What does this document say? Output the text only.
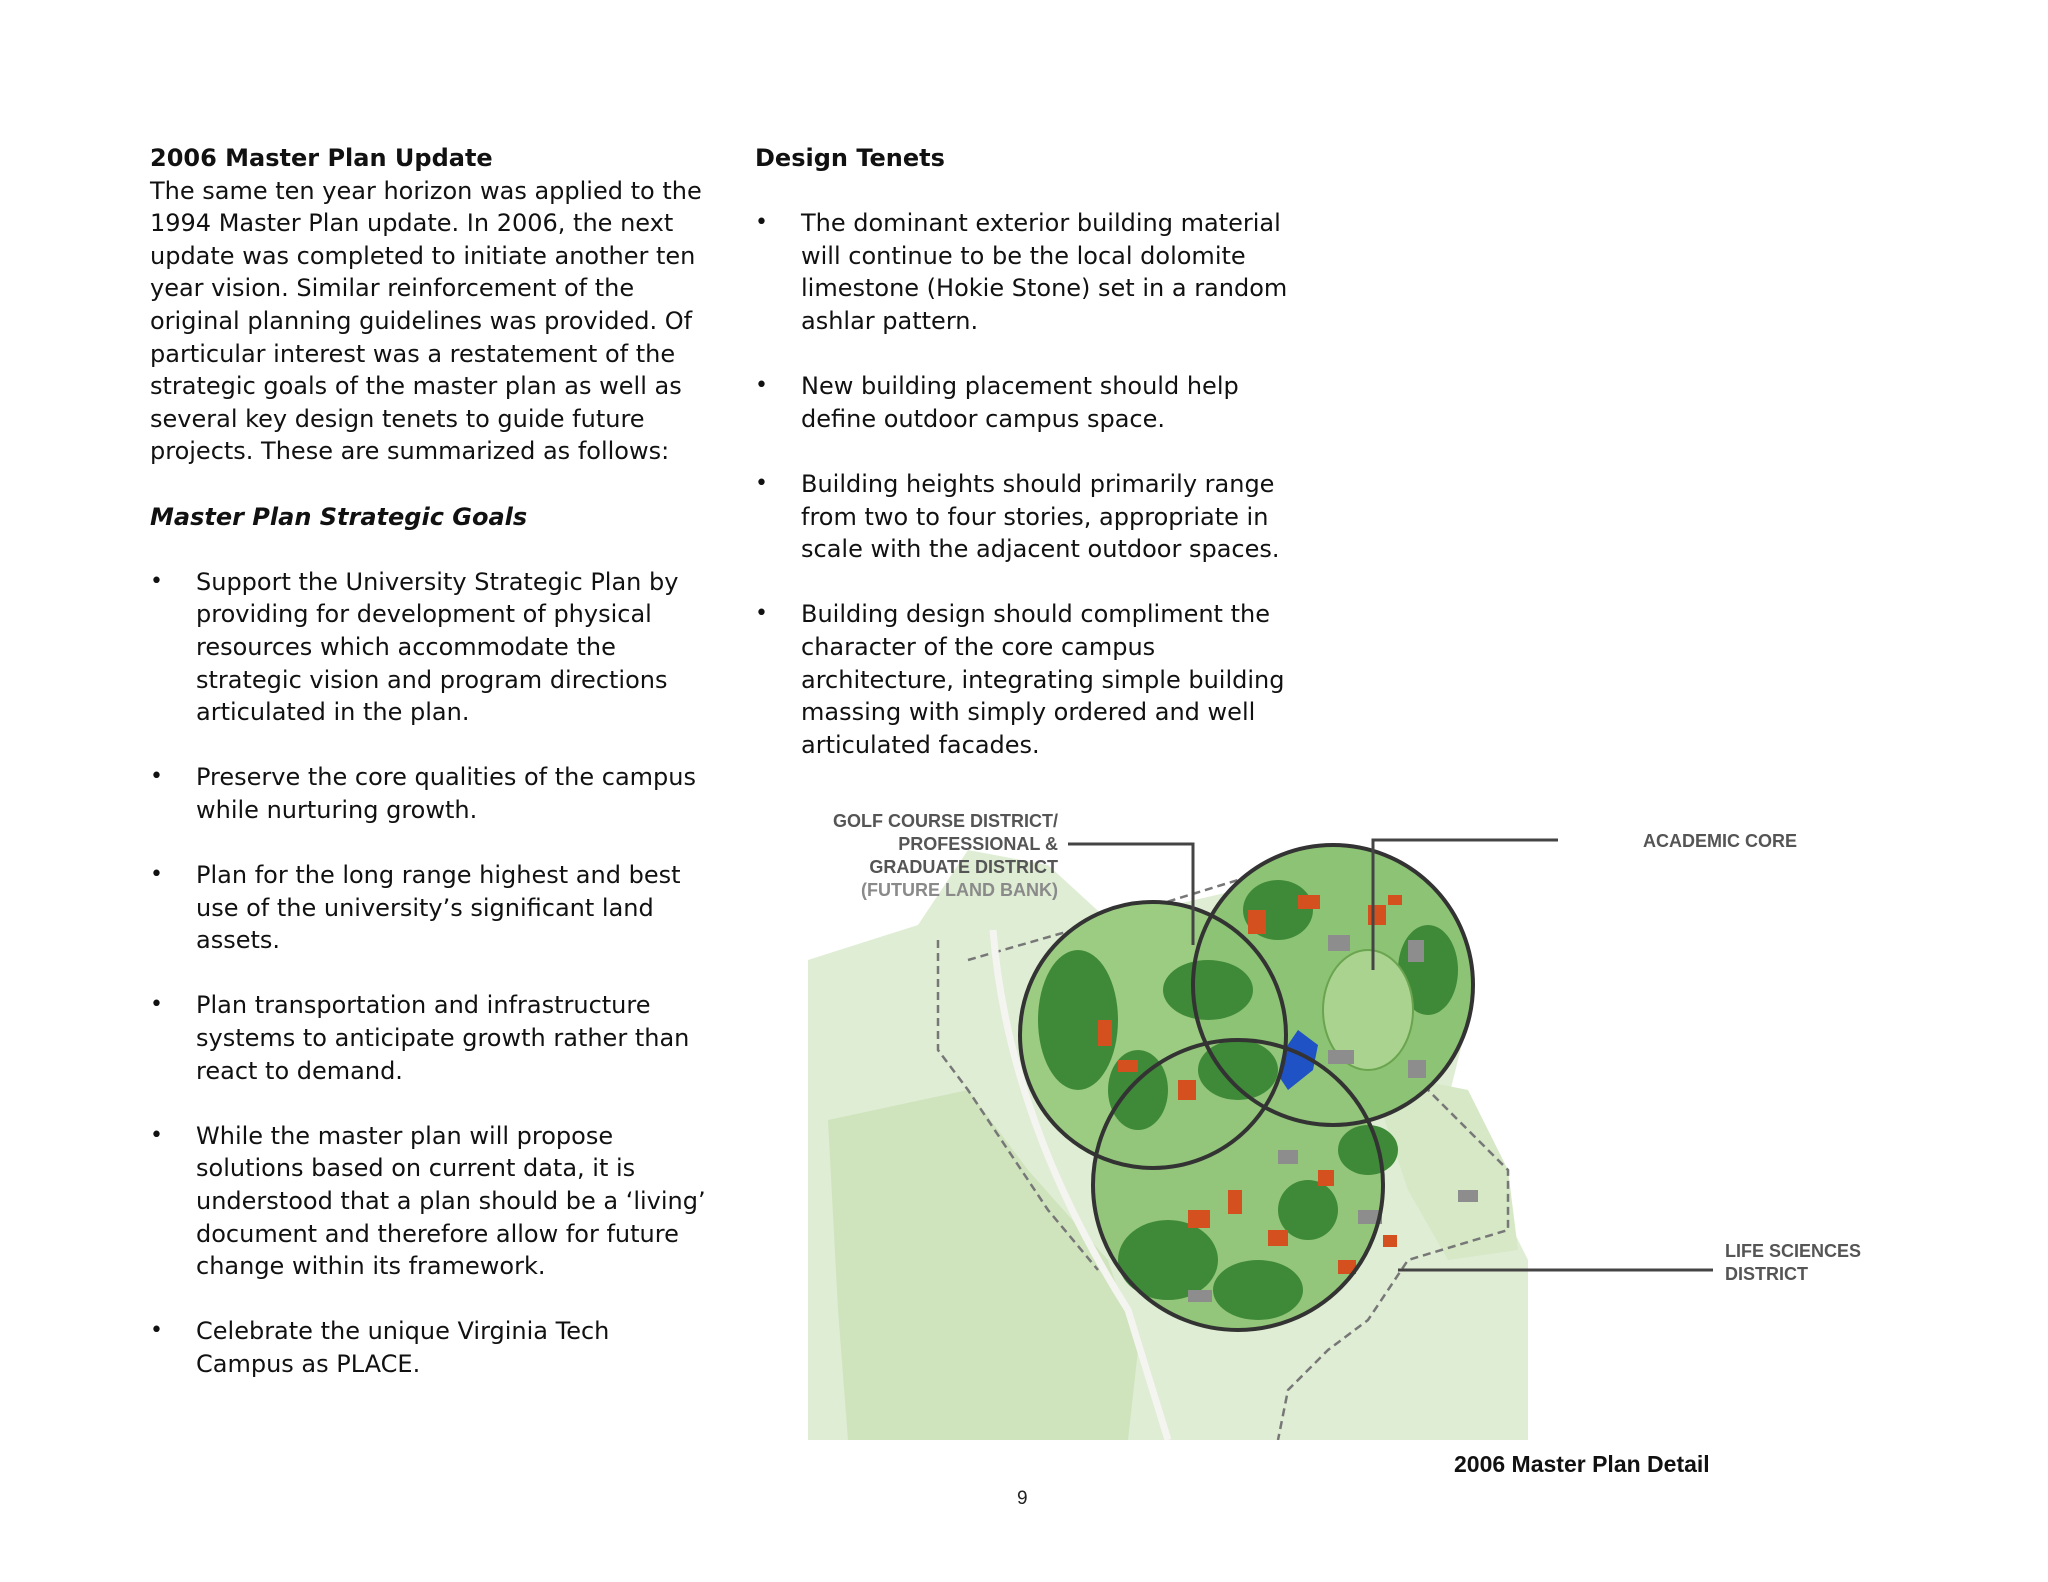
2006 Master Plan Update

The same ten year horizon was applied to the
1994 Master Plan update. In 2006, the next
update was completed to initiate another ten
year vision. Similar reinforcement of the
original planning guidelines was provided. Of
particular interest was a restatement of the
strategic goals of the master plan as well as
several key design tenets to guide future
projects. These are summarized as follows:

Master Plan Strategic Goals

• Support the University Strategic Plan by
providing for development of physical
resources which accommodate the
strategic vision and program directions
articulated in the plan.
• Preserve the core qualities of the campus
while nurturing growth.
• Plan for the long range highest and best
use of the university’s significant land
assets.
• Plan transportation and infrastructure
systems to anticipate growth rather than
react to demand.
• While the master plan will propose
solutions based on current data, it is
understood that a plan should be a ‘living’
document and therefore allow for future
change within its framework.
• Celebrate the unique Virginia Tech
Campus as PLACE.

Design Tenets

• The dominant exterior building material
will continue to be the local dolomite
limestone (Hokie Stone) set in a random
ashlar pattern.
• New building placement should help
define outdoor campus space.
• Building heights should primarily range
from two to four stories, appropriate in
scale with the adjacent outdoor spaces.
• Building design should compliment the
character of the core campus
architecture, integrating simple building
massing with simply ordered and well
articulated facades.
GOLF COURSE DISTRICT/
PROFESSIONAL &
GRADUATE DISTRICT
(FUTURE LAND BANK)
ACADEMIC CORE
LIFE SCIENCES
DISTRICT
2006 Master Plan Detail
9
